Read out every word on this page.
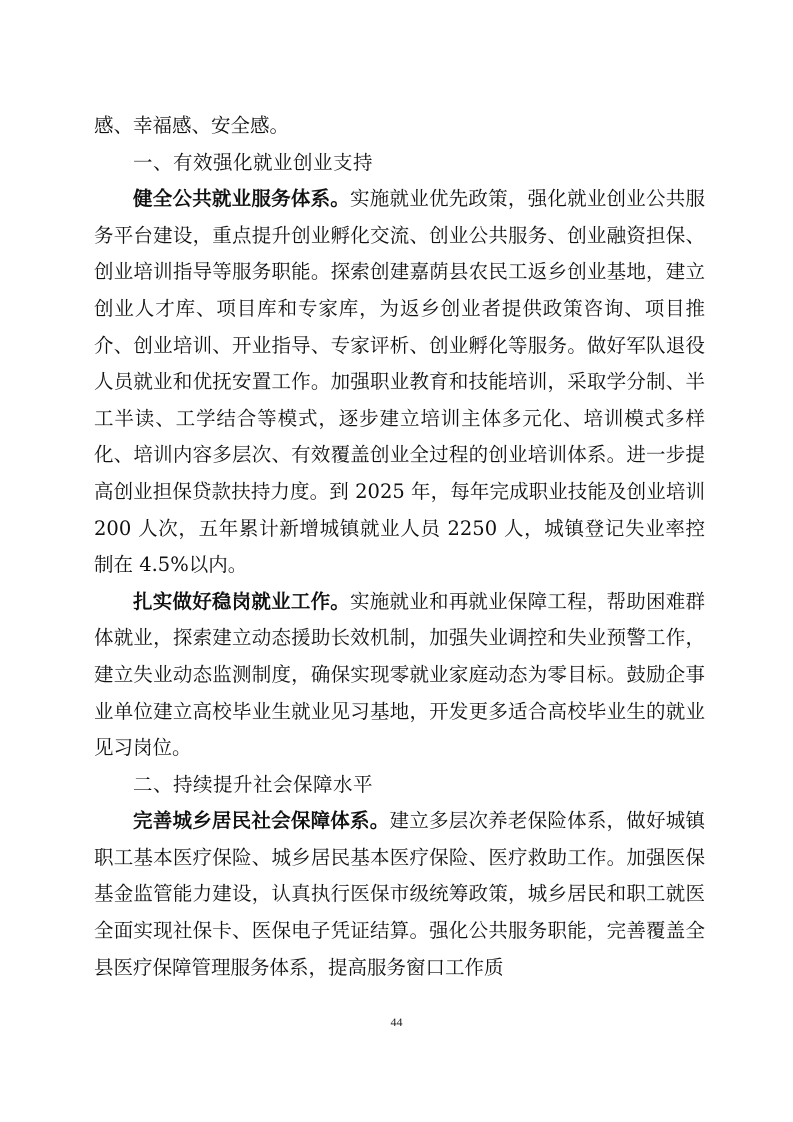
感、幸福感、安全感。

一、有效强化就业创业支持

健全公共就业服务体系。实施就业优先政策，强化就业创业公共服务平台建设，重点提升创业孵化交流、创业公共服务、创业融资担保、创业培训指导等服务职能。探索创建嘉荫县农民工返乡创业基地，建立创业人才库、项目库和专家库，为返乡创业者提供政策咨询、项目推介、创业培训、开业指导、专家评析、创业孵化等服务。做好军队退役人员就业和优抚安置工作。加强职业教育和技能培训，采取学分制、半工半读、工学结合等模式，逐步建立培训主体多元化、培训模式多样化、培训内容多层次、有效覆盖创业全过程的创业培训体系。进一步提高创业担保贷款扶持力度。到 2025 年，每年完成职业技能及创业培训 200 人次，五年累计新增城镇就业人员 2250 人，城镇登记失业率控制在 4.5%以内。

扎实做好稳岗就业工作。实施就业和再就业保障工程，帮助困难群体就业，探索建立动态援助长效机制，加强失业调控和失业预警工作，建立失业动态监测制度，确保实现零就业家庭动态为零目标。鼓励企事业单位建立高校毕业生就业见习基地，开发更多适合高校毕业生的就业见习岗位。

二、持续提升社会保障水平

完善城乡居民社会保障体系。建立多层次养老保险体系，做好城镇职工基本医疗保险、城乡居民基本医疗保险、医疗救助工作。加强医保基金监管能力建设，认真执行医保市级统筹政策，城乡居民和职工就医全面实现社保卡、医保电子凭证结算。强化公共服务职能，完善覆盖全县医疗保障管理服务体系，提高服务窗口工作质

44
